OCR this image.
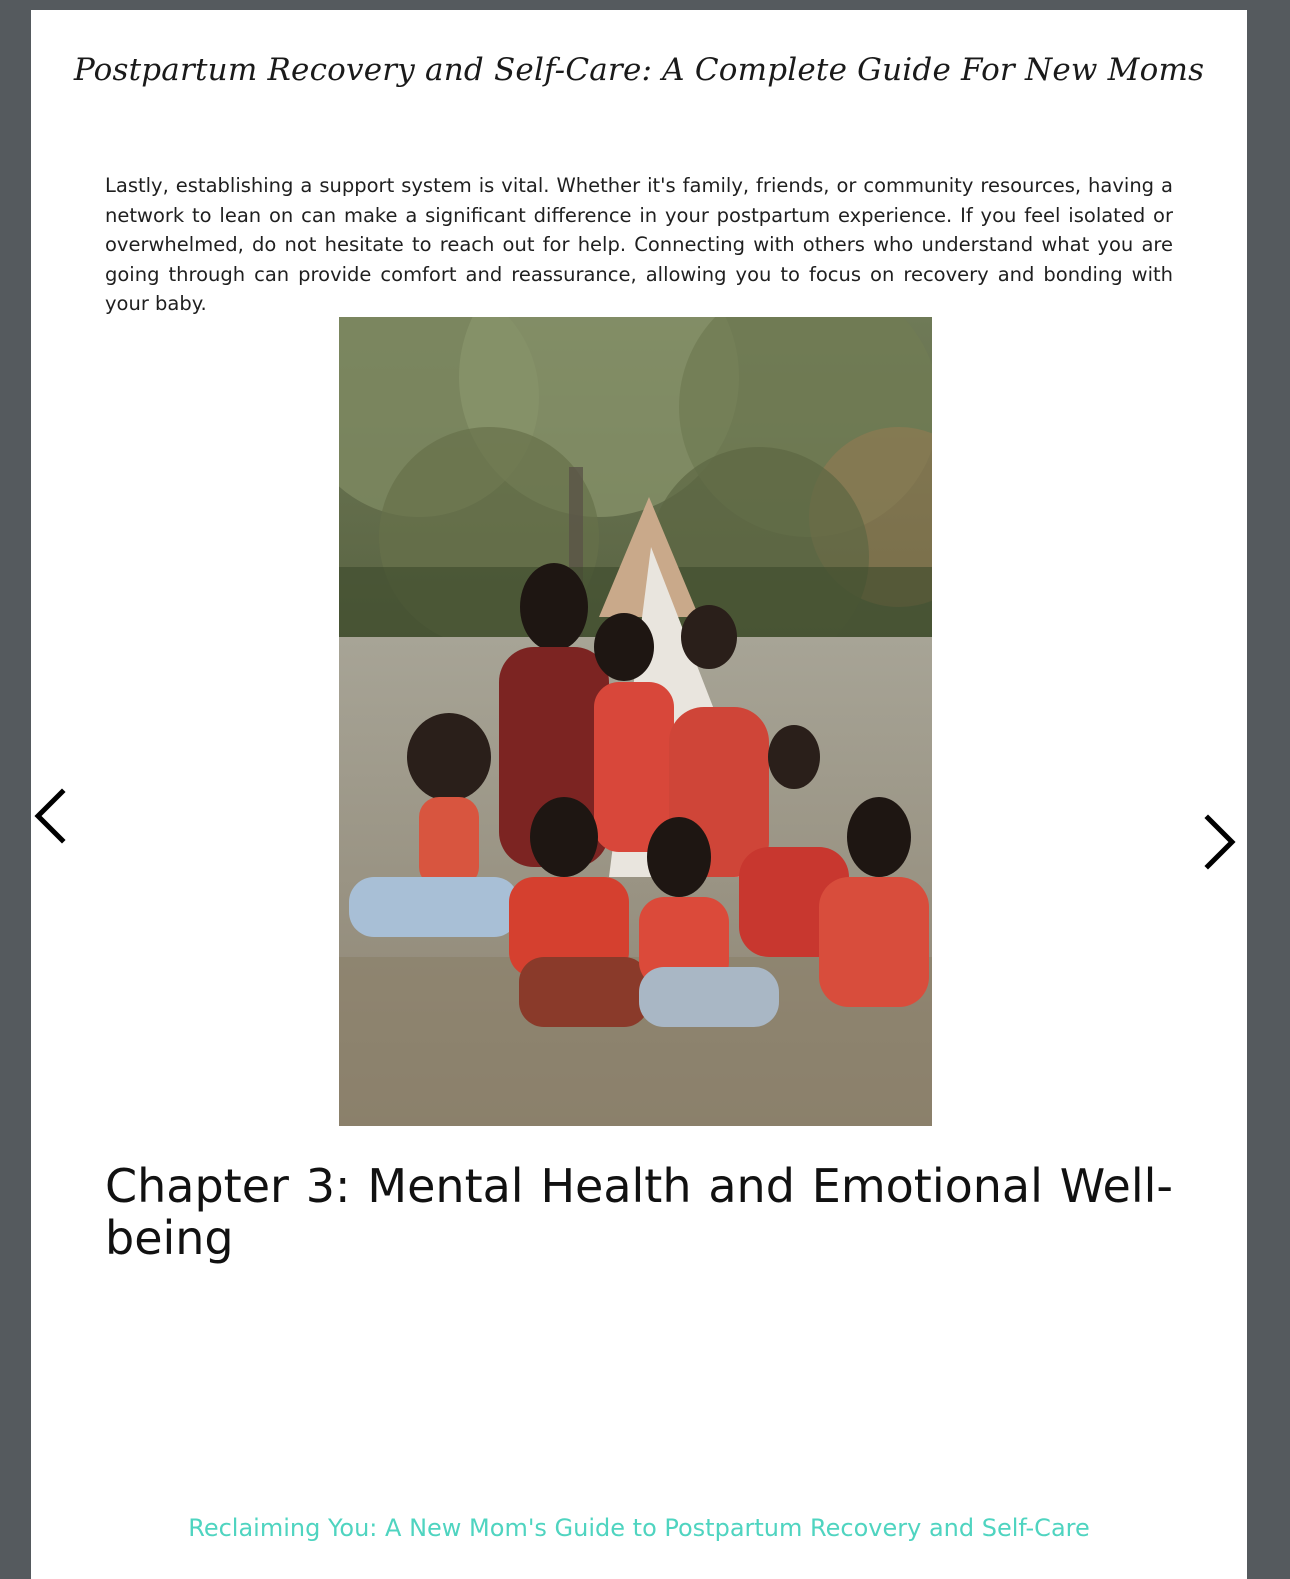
Postpartum Recovery and Self-Care: A Complete Guide For New Moms

Lastly, establishing a support system is vital. Whether it's family, friends, or community resources, having a network to lean on can make a significant difference in your postpartum experience. If you feel isolated or overwhelmed, do not hesitate to reach out for help. Connecting with others who understand what you are going through can provide comfort and reassurance, allowing you to focus on recovery and bonding with your baby.

Chapter 3: Mental Health and Emotional Well-being
Reclaiming You: A New Mom's Guide to Postpartum Recovery and Self-Care
